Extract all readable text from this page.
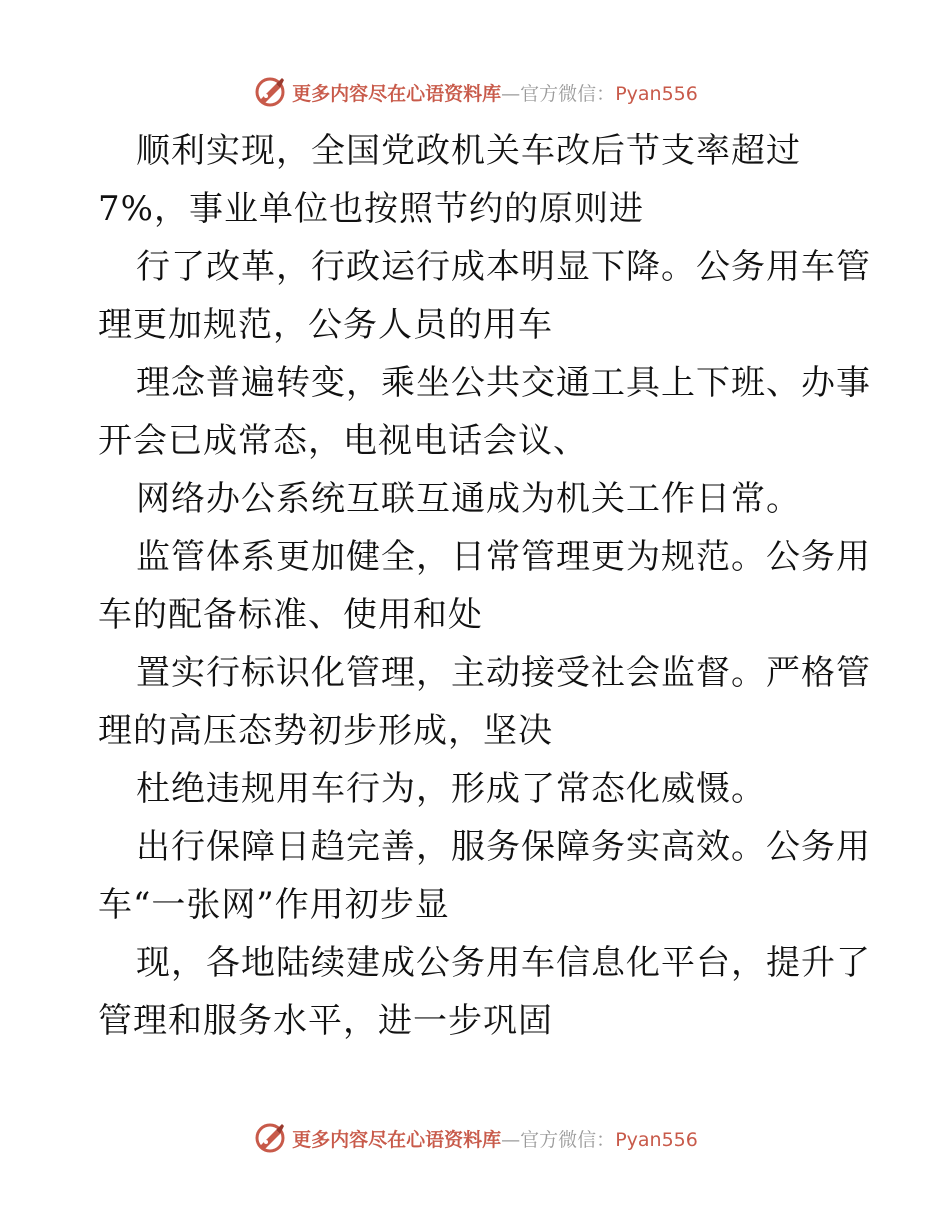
更多内容尽在心语资料库—官方微信：Pyan556
顺利实现，全国党政机关车改后节支率超过
7%，事业单位也按照节约的原则进
行了改革，行政运行成本明显下降。公务用车管
理更加规范，公务人员的用车
理念普遍转变，乘坐公共交通工具上下班、办事
开会已成常态，电视电话会议、
网络办公系统互联互通成为机关工作日常。
监管体系更加健全，日常管理更为规范。公务用
车的配备标准、使用和处
置实行标识化管理，主动接受社会监督。严格管
理的高压态势初步形成，坚决
杜绝违规用车行为，形成了常态化威慑。
出行保障日趋完善，服务保障务实高效。公务用
车“一张网”作用初步显
现，各地陆续建成公务用车信息化平台，提升了
管理和服务水平，进一步巩固
更多内容尽在心语资料库—官方微信：Pyan556
